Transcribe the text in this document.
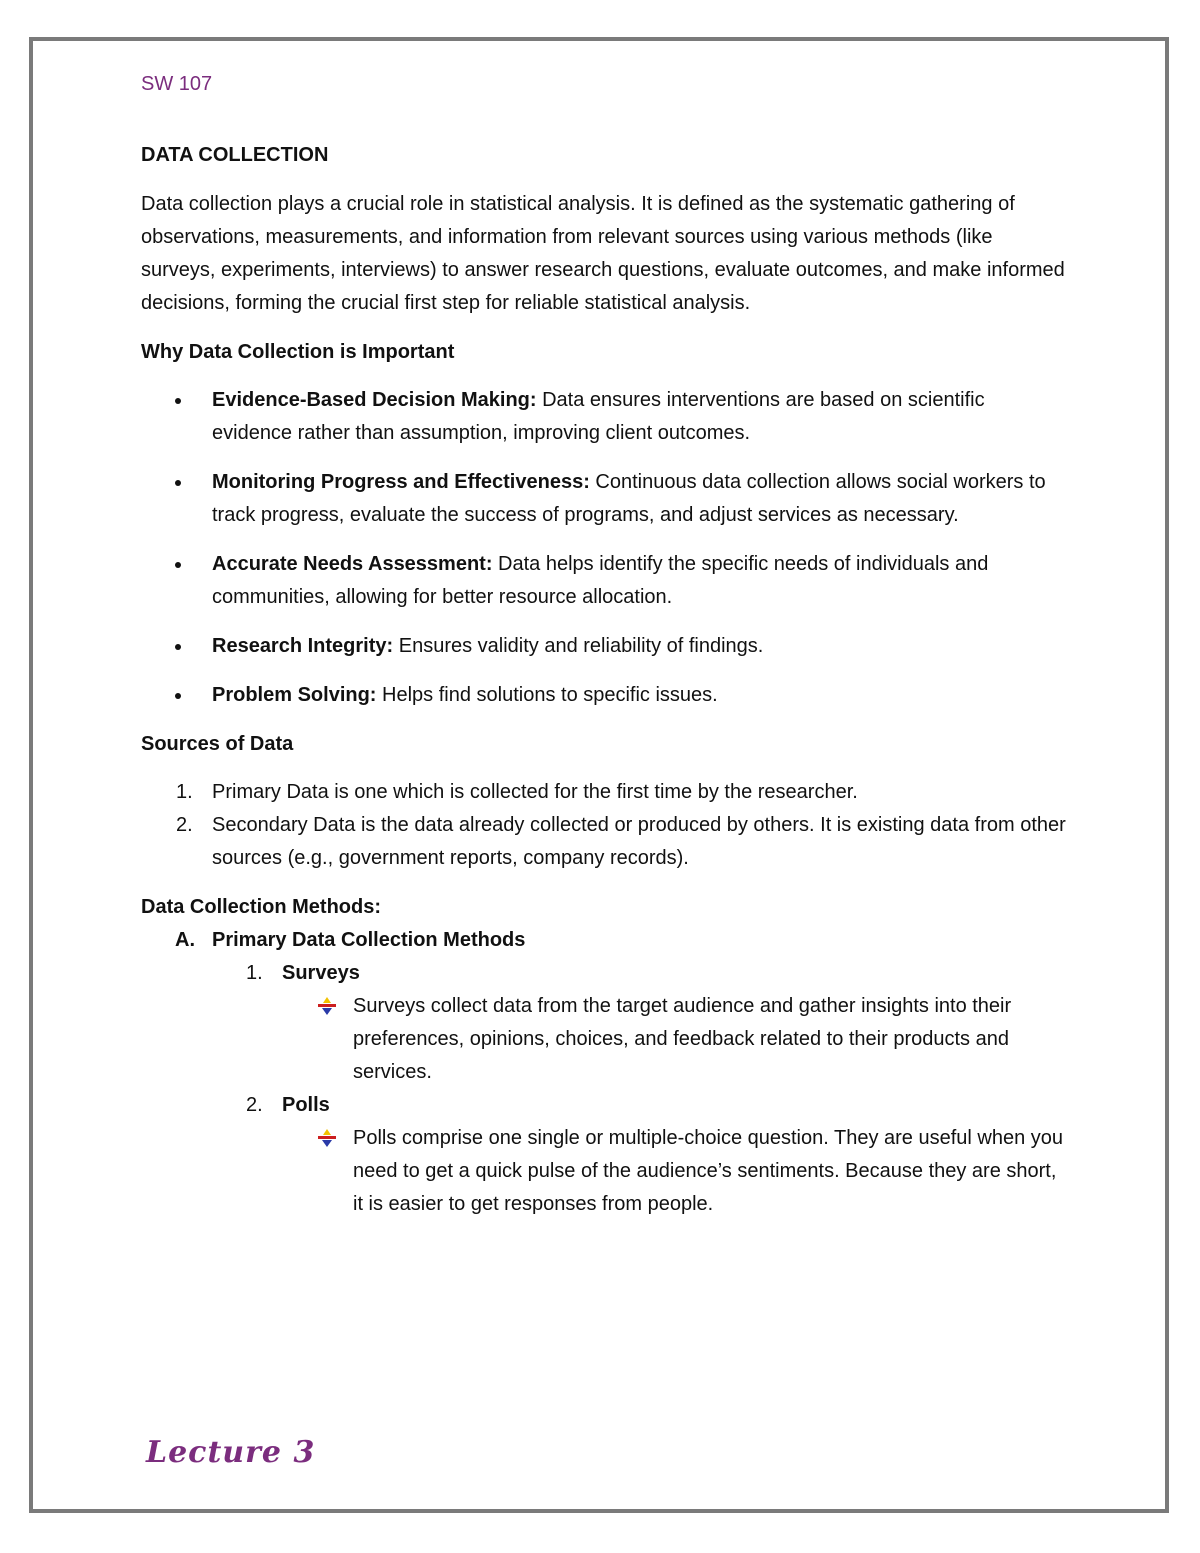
SW 107
DATA COLLECTION

Data collection plays a crucial role in statistical analysis. It is defined as the systematic gathering of observations, measurements, and information from relevant sources using various methods (like surveys, experiments, interviews) to answer research questions, evaluate outcomes, and make informed decisions, forming the crucial first step for reliable statistical analysis.

Why Data Collection is Important
Evidence-Based Decision Making: Data ensures interventions are based on scientific evidence rather than assumption, improving client outcomes.
Monitoring Progress and Effectiveness: Continuous data collection allows social workers to track progress, evaluate the success of programs, and adjust services as necessary.
Accurate Needs Assessment: Data helps identify the specific needs of individuals and communities, allowing for better resource allocation.
Research Integrity: Ensures validity and reliability of findings.
Problem Solving: Helps find solutions to specific issues.
Sources of Data
1. Primary Data is one which is collected for the first time by the researcher.
2. Secondary Data is the data already collected or produced by others. It is existing data from other sources (e.g., government reports, company records).
Data Collection Methods:
A. Primary Data Collection Methods
1. Surveys
Surveys collect data from the target audience and gather insights into their preferences, opinions, choices, and feedback related to their products and services.
2. Polls
Polls comprise one single or multiple-choice question. They are useful when you need to get a quick pulse of the audience’s sentiments. Because they are short, it is easier to get responses from people.
Lecture 3
